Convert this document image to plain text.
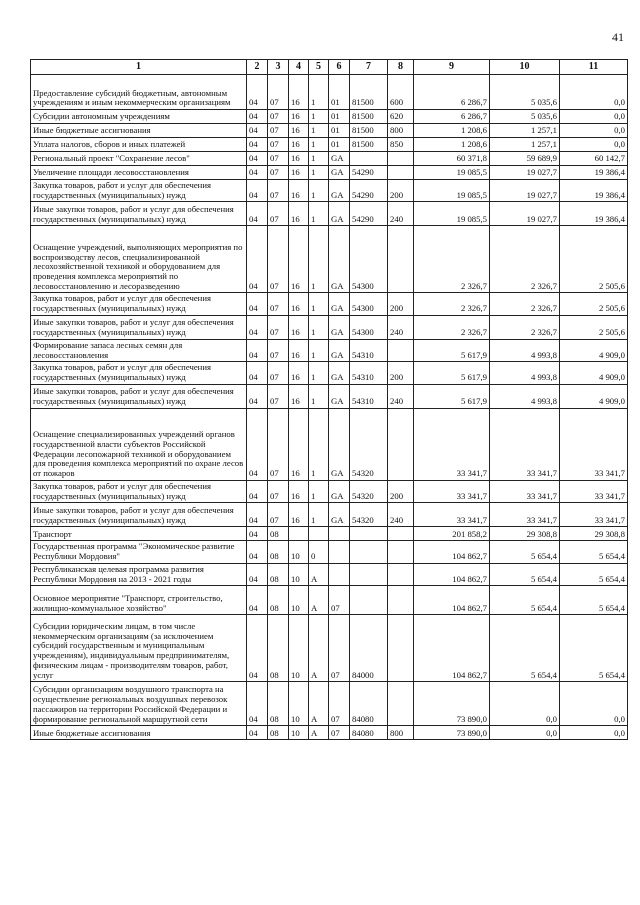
41
1	2	3	4	5	6	7	8	9	10	11
Предоставление субсидий бюджетным, автономным учреждениям и иным некоммерческим организациям	04	07	16	1	01	81500	600	6 286,7	5 035,6	0,0
Субсидии автономным учреждениям	04	07	16	1	01	81500	620	6 286,7	5 035,6	0,0
Иные бюджетные ассигнования	04	07	16	1	01	81500	800	1 208,6	1 257,1	0,0
Уплата налогов, сборов и иных платежей	04	07	16	1	01	81500	850	1 208,6	1 257,1	0,0
Региональный проект "Сохранение лесов"	04	07	16	1	GA			60 371,8	59 689,9	60 142,7
Увеличение площади лесовосстановления	04	07	16	1	GA	54290		19 085,5	19 027,7	19 386,4
Закупка товаров, работ и услуг для обеспечения государственных (муниципальных) нужд	04	07	16	1	GA	54290	200	19 085,5	19 027,7	19 386,4
Иные закупки товаров, работ и услуг для обеспечения государственных (муниципальных) нужд	04	07	16	1	GA	54290	240	19 085,5	19 027,7	19 386,4
Оснащение учреждений, выполняющих мероприятия по воспроизводству лесов, специализированной лесохозяйственной техникой и оборудованием для проведения комплекса мероприятий по лесовосстановлению и лесоразведению	04	07	16	1	GA	54300		2 326,7	2 326,7	2 505,6
Закупка товаров, работ и услуг для обеспечения государственных (муниципальных) нужд	04	07	16	1	GA	54300	200	2 326,7	2 326,7	2 505,6
Иные закупки товаров, работ и услуг для обеспечения государственных (муниципальных) нужд	04	07	16	1	GA	54300	240	2 326,7	2 326,7	2 505,6
Формирование запаса лесных семян для лесовосстановления	04	07	16	1	GA	54310		5 617,9	4 993,8	4 909,0
Закупка товаров, работ и услуг для обеспечения государственных (муниципальных) нужд	04	07	16	1	GA	54310	200	5 617,9	4 993,8	4 909,0
Иные закупки товаров, работ и услуг для обеспечения государственных (муниципальных) нужд	04	07	16	1	GA	54310	240	5 617,9	4 993,8	4 909,0
Оснащение специализированных учреждений органов государственной власти субъектов Российской Федерации лесопожарной техникой и оборудованием для проведения комплекса мероприятий по охране лесов от пожаров	04	07	16	1	GA	54320		33 341,7	33 341,7	33 341,7
Закупка товаров, работ и услуг для обеспечения государственных (муниципальных) нужд	04	07	16	1	GA	54320	200	33 341,7	33 341,7	33 341,7
Иные закупки товаров, работ и услуг для обеспечения государственных (муниципальных) нужд	04	07	16	1	GA	54320	240	33 341,7	33 341,7	33 341,7
Транспорт	04	08						201 858,2	29 308,8	29 308,8
Государственная программа "Экономическое развитие Республики Мордовия"	04	08	10	0				104 862,7	5 654,4	5 654,4
Республиканская целевая программа развития Республики Мордовия на 2013 - 2021 годы	04	08	10	А				104 862,7	5 654,4	5 654,4
Основное мероприятие "Транспорт, строительство, жилищно-коммунальное хозяйство"	04	08	10	А	07			104 862,7	5 654,4	5 654,4
Субсидии юридическим лицам, в том числе некоммерческим организациям (за исключением субсидий государственным и муниципальным учреждениям), индивидуальным предпринимателям, физическим лицам - производителям товаров, работ, услуг	04	08	10	А	07	84000		104 862,7	5 654,4	5 654,4
Субсидии организациям воздушного транспорта на осуществление региональных воздушных перевозок пассажиров на территории Российской Федерации и формирование региональной маршрутной сети	04	08	10	А	07	84080		73 890,0	0,0	0,0
Иные бюджетные ассигнования	04	08	10	А	07	84080	800	73 890,0	0,0	0,0
